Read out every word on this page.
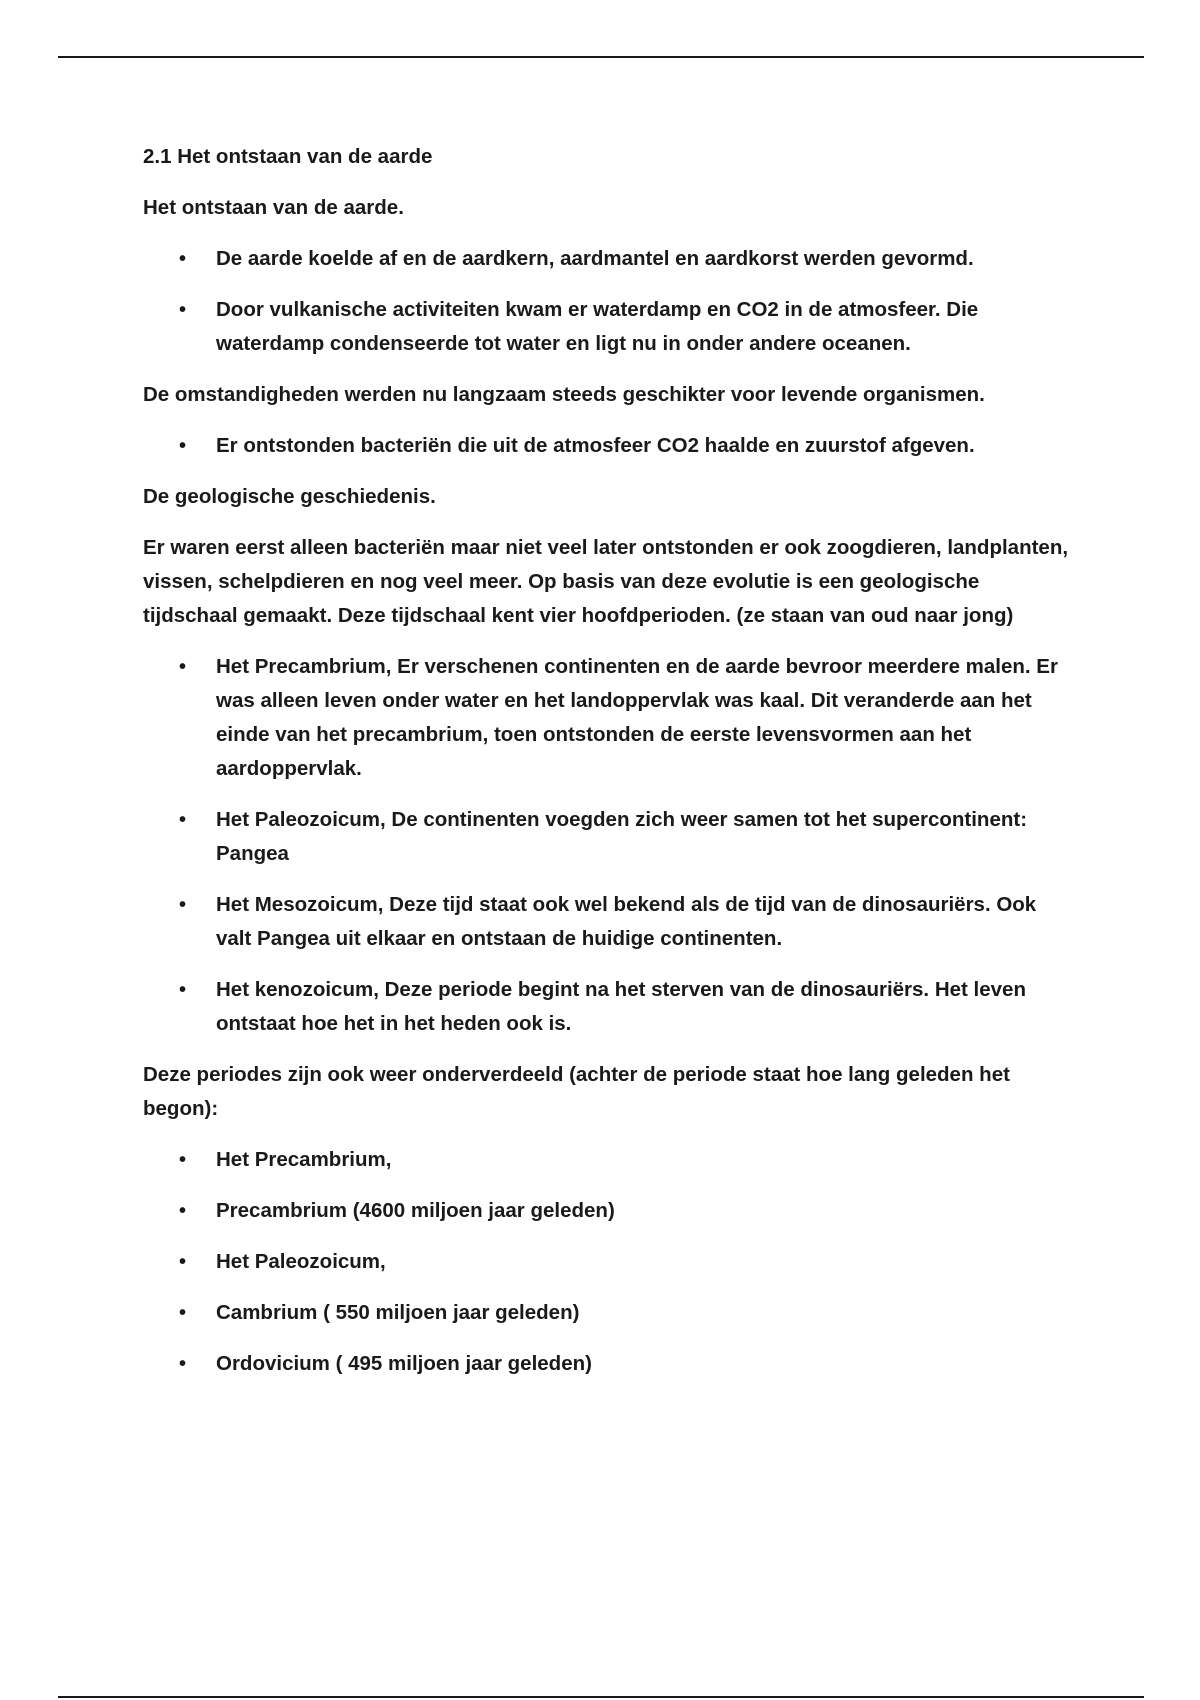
2.1 Het ontstaan van de aarde

Het ontstaan van de aarde.

• De aarde koelde af en de aardkern, aardmantel en aardkorst werden gevormd.
• Door vulkanische activiteiten kwam er waterdamp en CO2 in de atmosfeer. Die waterdamp condenseerde tot water en ligt nu in onder andere oceanen.

De omstandigheden werden nu langzaam steeds geschikter voor levende organismen.

• Er ontstonden bacteriën die uit de atmosfeer CO2 haalde en zuurstof afgeven.

De geologische geschiedenis.

Er waren eerst alleen bacteriën maar niet veel later ontstonden er ook zoogdieren, landplanten, vissen, schelpdieren en nog veel meer. Op basis van deze evolutie is een geologische tijdschaal gemaakt. Deze tijdschaal kent vier hoofdperioden. (ze staan van oud naar jong)

• Het Precambrium, Er verschenen continenten en de aarde bevroor meerdere malen. Er was alleen leven onder water en het landoppervlak was kaal. Dit veranderde aan het einde van het precambrium, toen ontstonden de eerste levensvormen aan het aardoppervlak.
• Het Paleozoicum, De continenten voegden zich weer samen tot het supercontinent: Pangea
• Het Mesozoicum, Deze tijd staat ook wel bekend als de tijd van de dinosauriërs. Ook valt Pangea uit elkaar en ontstaan de huidige continenten.
• Het kenozoicum, Deze periode begint na het sterven van de dinosauriërs. Het leven ontstaat hoe het in het heden ook is.

Deze periodes zijn ook weer onderverdeeld (achter de periode staat hoe lang geleden het begon):

• Het Precambrium,
• Precambrium (4600 miljoen jaar geleden)
• Het Paleozoicum,
• Cambrium ( 550 miljoen jaar geleden)
• Ordovicium ( 495 miljoen jaar geleden)
